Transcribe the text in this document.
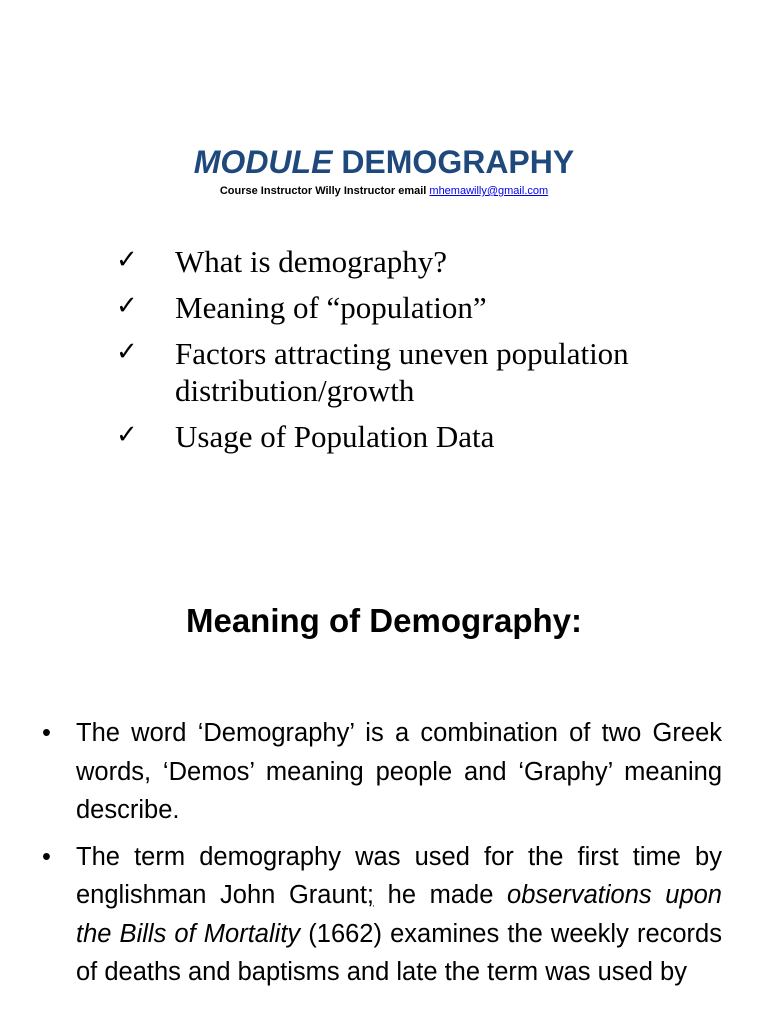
MODULE DEMOGRAPHY
Course Instructor Willy Instructor email mhemawilly@gmail.com
✓ What is demography?
✓ Meaning of “population”
✓ Factors attracting uneven population distribution/growth
✓ Usage of Population Data
Meaning of Demography:
• The word ‘Demography’ is a combination of two Greek words, ‘Demos’ meaning people and ‘Graphy’ meaning describe.
• The term demography was used for the first time by englishman John Graunt; he made observations upon the Bills of Mortality (1662) examines the weekly records of deaths and baptisms and late the term was used by
